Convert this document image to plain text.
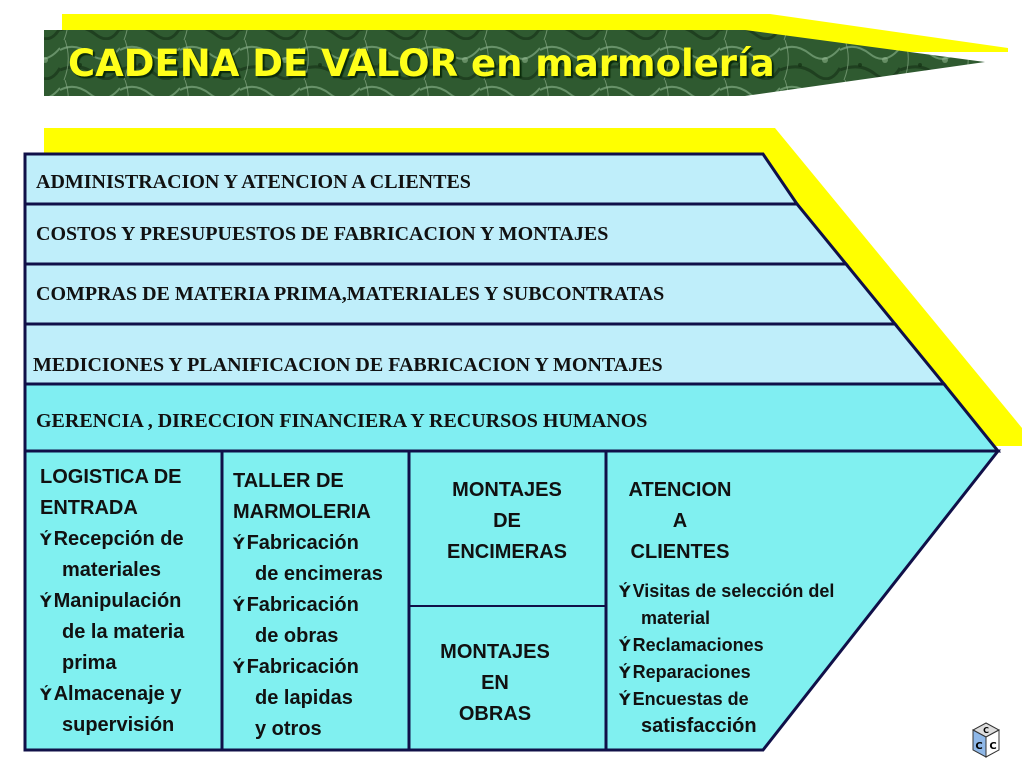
CADENA DE VALOR en marmolería
ADMINISTRACION Y ATENCION A CLIENTES
COSTOS Y PRESUPUESTOS DE FABRICACION Y MONTAJES
COMPRAS DE MATERIA PRIMA,MATERIALES Y SUBCONTRATAS
MEDICIONES Y PLANIFICACION DE FABRICACION Y MONTAJES
GERENCIA , DIRECCION FINANCIERA Y RECURSOS HUMANOS
LOGISTICA DE
ENTRADA
Ý Recepción de
materiales
Ý Manipulación
de la materia
prima
Ý Almacenaje y
supervisión
TALLER DE
MARMOLERIA
Ý Fabricación
de encimeras
Ý Fabricación
de obras
Ý Fabricación
de lapidas
y otros
MONTAJES
DE
ENCIMERAS
MONTAJES
EN
OBRAS
ATENCION
A
CLIENTES
Ý Visitas de selección del
material
Ý Reclamaciones
Ý Reparaciones
Ý Encuestas de
satisfacción	C
C C
